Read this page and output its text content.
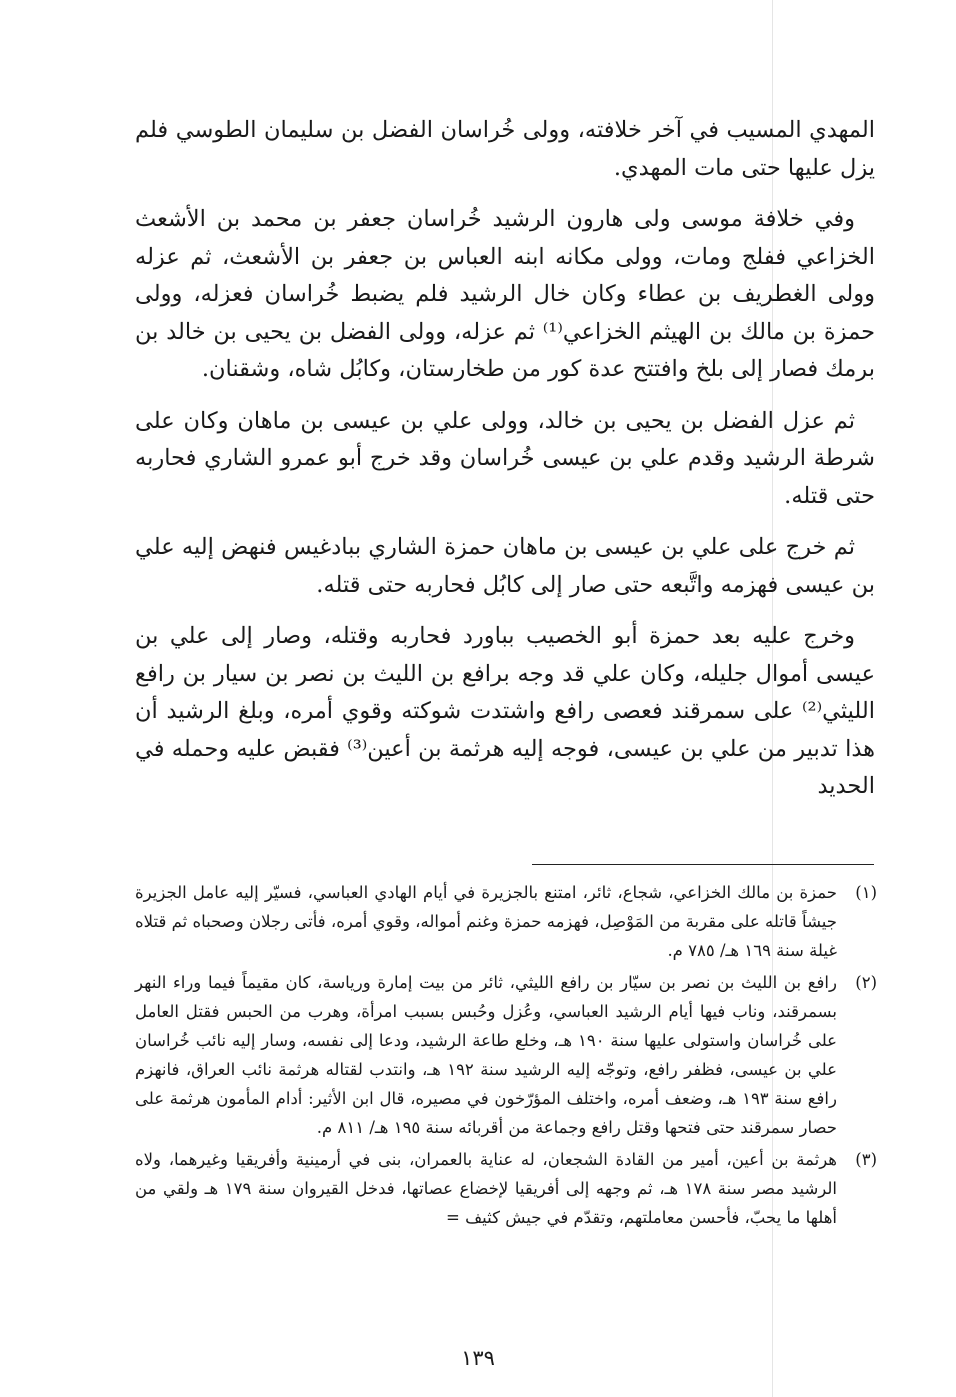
المهدي المسيب في آخر خلافته، وولى خُراسان الفضل بن سليمان الطوسي فلم يزل عليها حتى مات المهدي.

وفي خلافة موسى ولى هارون الرشيد خُراسان جعفر بن محمد بن الأشعث الخزاعي ففلج ومات، وولى مكانه ابنه العباس بن جعفر بن الأشعث، ثم عزله وولى الغطريف بن عطاء وكان خال الرشيد فلم يضبط خُراسان فعزله، وولى حمزة بن مالك بن الهيثم الخزاعي⁽¹⁾ ثم عزله، وولى الفضل بن يحيى بن خالد بن برمك فصار إلى بلخ وافتتح عدة كور من طخارستان، وكابُل شاه، وشقنان.

ثم عزل الفضل بن يحيى بن خالد، وولى علي بن عيسى بن ماهان وكان على شرطة الرشيد وقدم علي بن عيسى خُراسان وقد خرج أبو عمرو الشاري فحاربه حتى قتله.

ثم خرج على علي بن عيسى بن ماهان حمزة الشاري ببادغيس فنهض إليه علي بن عيسى فهزمه واتَّبعه حتى صار إلى كابُل فحاربه حتى قتله.

وخرج عليه بعد حمزة أبو الخصيب بباورد فحاربه وقتله، وصار إلى علي بن عيسى أموال جليله، وكان علي قد وجه برافع بن الليث بن نصر بن سيار بن رافع الليثي⁽²⁾ على سمرقند فعصى رافع واشتدت شوكته وقوي أمره، وبلغ الرشيد أن هذا تدبير من علي بن عيسى، فوجه إليه هرثمة بن أعين⁽³⁾ فقبض عليه وحمله في الحديد

(١)
حمزة بن مالك الخزاعي، شجاع، ثائر، امتنع بالجزيرة في أيام الهادي العباسي، فسيّر إليه عامل الجزيرة جيشاً قاتله على مقربة من المَوْصِل، فهزمه حمزة وغنم أمواله، وقوي أمره، فأتى رجلان وصحباه ثم قتلاه غيلة سنة ١٦٩ هـ/ ٧٨٥ م.
(٢)
رافع بن الليث بن نصر بن سيّار بن رافع الليثي، ثائر من بيت إمارة ورياسة، كان مقيماً فيما وراء النهر بسمرقند، وناب فيها أيام الرشيد العباسي، وعُزل وحُبس بسبب امرأة، وهرب من الحبس فقتل العامل على خُراسان واستولى عليها سنة ١٩٠ هـ، وخلع طاعة الرشيد، ودعا إلى نفسه، وسار إليه نائب خُراسان علي بن عيسى، فظفر رافع، وتوجّه إليه الرشيد سنة ١٩٢ هـ، وانتدب لقتاله هرثمة نائب العراق، فانهزم رافع سنة ١٩٣ هـ، وضعف أمره، واختلف المؤرّخون في مصيره، قال ابن الأثير: أدام المأمون هرثمة على حصار سمرقند حتى فتحها وقتل رافع وجماعة من أقربائه سنة ١٩٥ هـ/ ٨١١ م.
(٣)
هرثمة بن أعين، أمير من القادة الشجعان، له عناية بالعمران، بنى في أرمينية وأفريقيا وغيرهما، ولاه الرشيد مصر سنة ١٧٨ هـ، ثم وجهه إلى أفريقيا لإخضاع عصاتها، فدخل القيروان سنة ١٧٩ هـ ولقي من أهلها ما يحبّ، فأحسن معاملتهم، وتقدّم في جيش كثيف =
١٣٩
